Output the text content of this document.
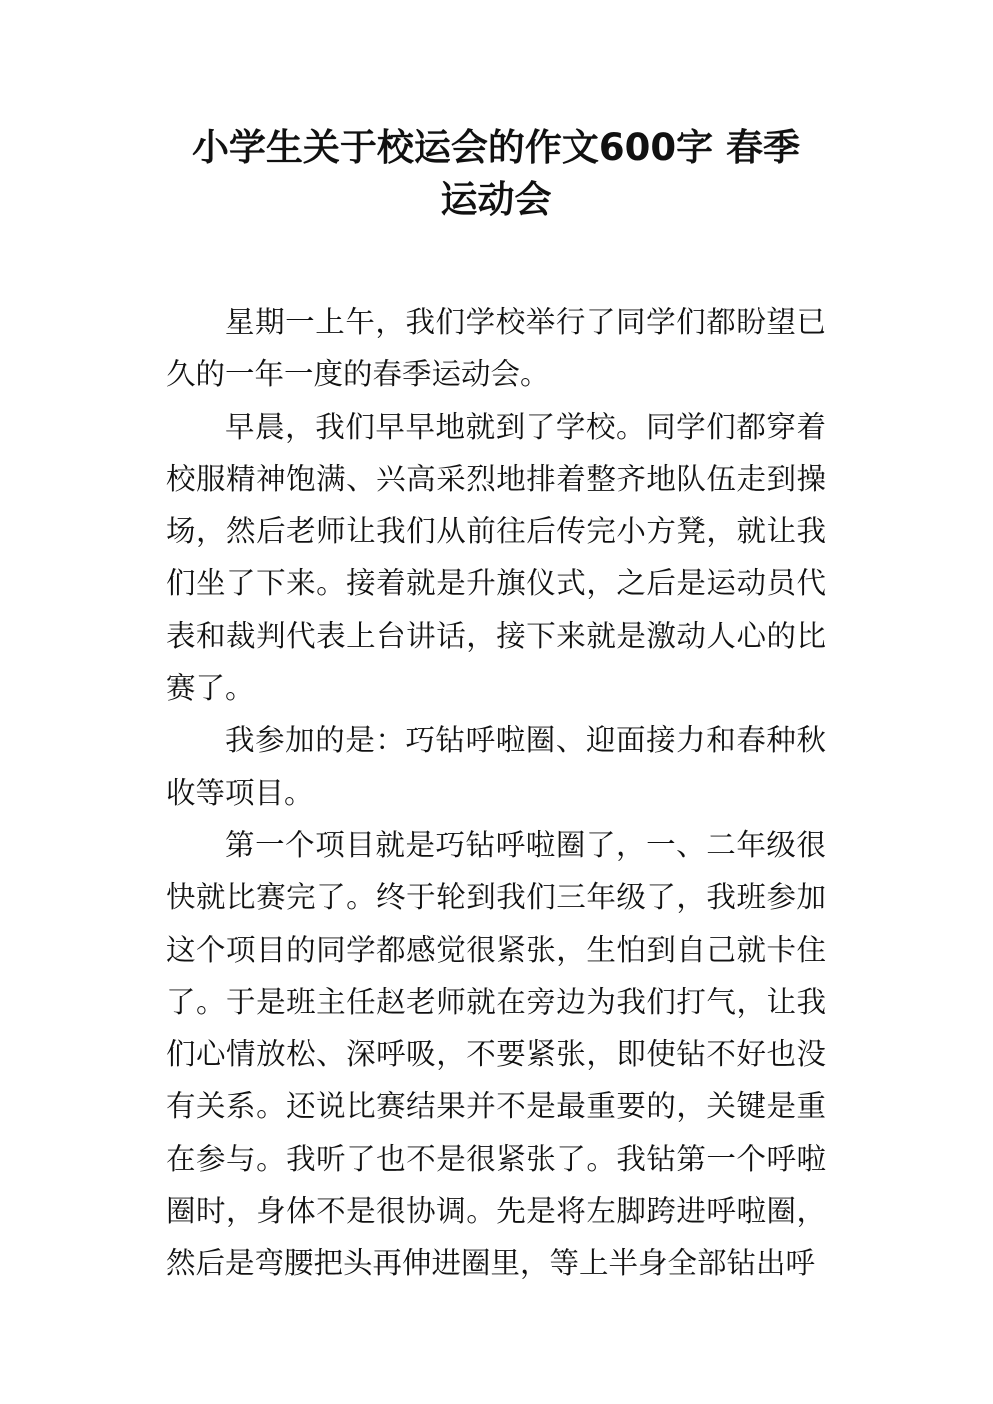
小学生关于校运会的作文600字 春季
运动会

星期一上午，我们学校举行了同学们都盼望已久的一年一度的春季运动会。

早晨，我们早早地就到了学校。同学们都穿着校服精神饱满、兴高采烈地排着整齐地队伍走到操场，然后老师让我们从前往后传完小方凳，就让我们坐了下来。接着就是升旗仪式，之后是运动员代表和裁判代表上台讲话，接下来就是激动人心的比赛了。

我参加的是：巧钻呼啦圈、迎面接力和春种秋收等项目。

第一个项目就是巧钻呼啦圈了，一、二年级很快就比赛完了。终于轮到我们三年级了，我班参加这个项目的同学都感觉很紧张，生怕到自己就卡住了。于是班主任赵老师就在旁边为我们打气，让我们心情放松、深呼吸，不要紧张，即使钻不好也没有关系。还说比赛结果并不是最重要的，关键是重在参与。我听了也不是很紧张了。我钻第一个呼啦圈时，身体不是很协调。先是将左脚跨进呼啦圈，然后是弯腰把头再伸进圈里，等上半身全部钻出呼
